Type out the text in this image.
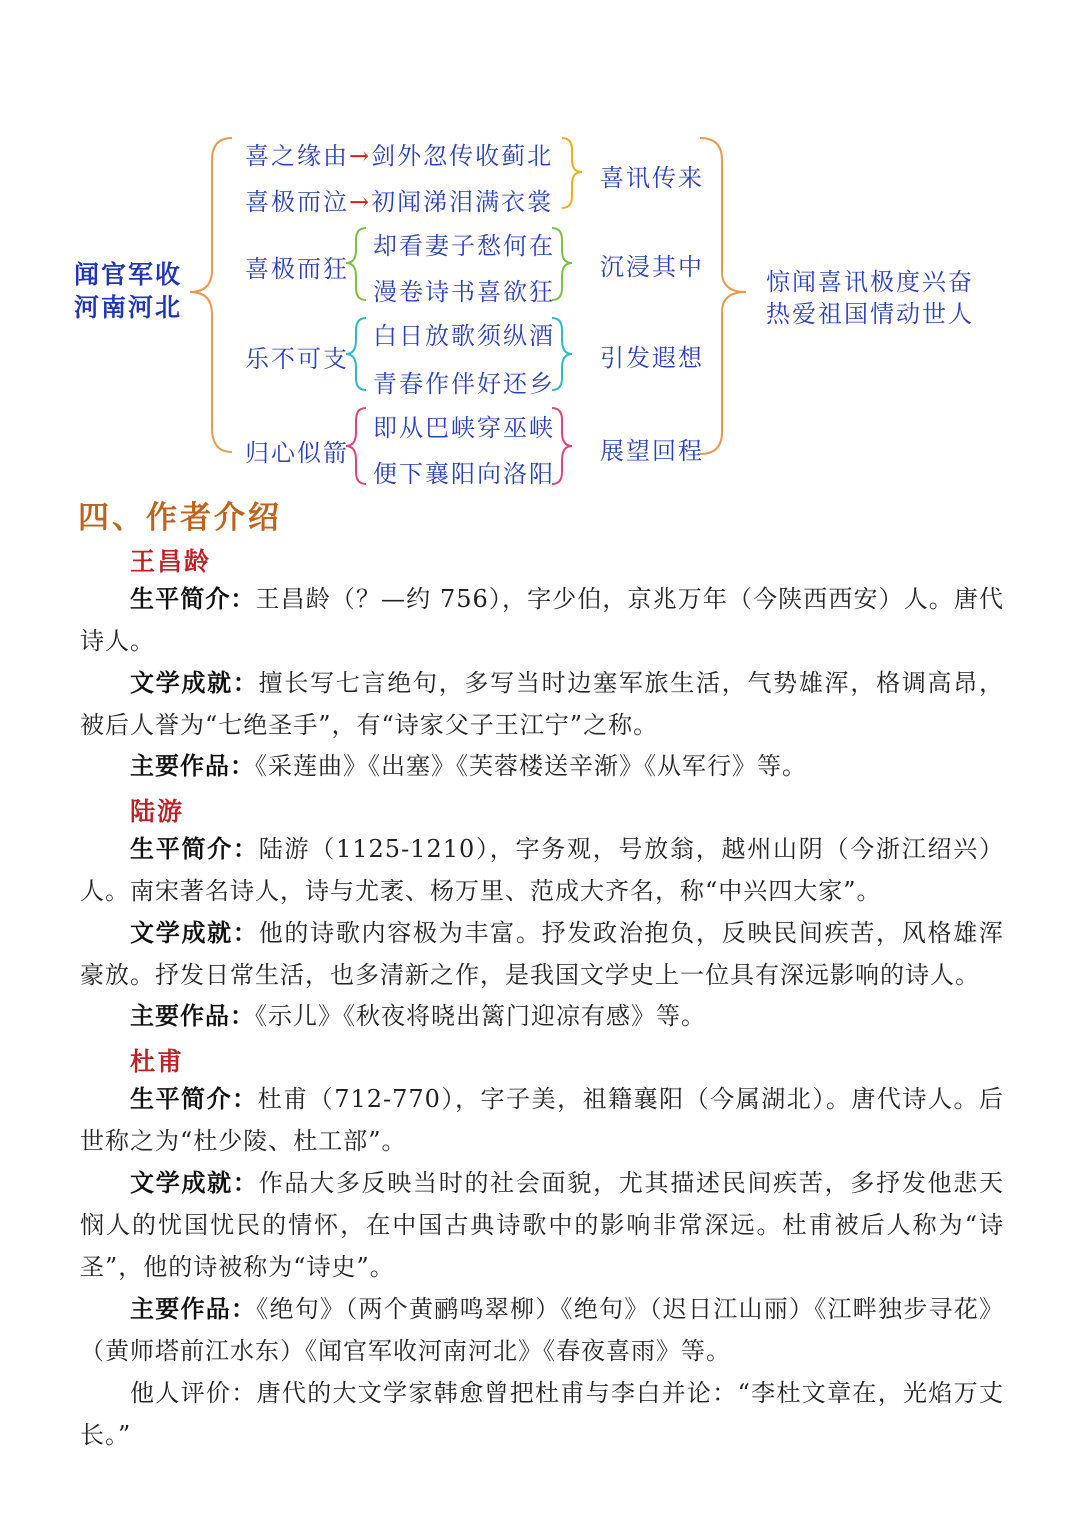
闻官军收
河南河北
喜之缘由→剑外忽传收蓟北
喜极而泣→初闻涕泪满衣裳
喜讯传来
喜极而狂
却看妻子愁何在
漫卷诗书喜欲狂
沉浸其中
乐不可支
白日放歌须纵酒
青春作伴好还乡
引发遐想
归心似箭
即从巴峡穿巫峡
便下襄阳向洛阳
展望回程
惊闻喜讯极度兴奋
热爱祖国情动世人
四、作者介绍
王昌龄

生平简介：王昌龄（？—约 756），字少伯，京兆万年（今陕西西安）人。唐代诗人。

文学成就：擅长写七言绝句，多写当时边塞军旅生活，气势雄浑，格调高昂，被后人誉为“七绝圣手”，有“诗家父子王江宁”之称。

主要作品：《采莲曲》《出塞》《芙蓉楼送辛渐》《从军行》等。

陆游

生平简介：陆游（1125-1210），字务观，号放翁，越州山阴（今浙江绍兴）人。南宋著名诗人，诗与尤袤、杨万里、范成大齐名，称“中兴四大家”。

文学成就：他的诗歌内容极为丰富。抒发政治抱负，反映民间疾苦，风格雄浑豪放。抒发日常生活，也多清新之作，是我国文学史上一位具有深远影响的诗人。

主要作品：《示儿》《秋夜将晓出篱门迎凉有感》等。

杜甫

生平简介：杜甫（712-770），字子美，祖籍襄阳（今属湖北）。唐代诗人。后世称之为“杜少陵、杜工部”。

文学成就：作品大多反映当时的社会面貌，尤其描述民间疾苦，多抒发他悲天悯人的忧国忧民的情怀，在中国古典诗歌中的影响非常深远。杜甫被后人称为“诗圣”，他的诗被称为“诗史”。

主要作品：《绝句》（两个黄鹂鸣翠柳）《绝句》（迟日江山丽）《江畔独步寻花》（黄师塔前江水东）《闻官军收河南河北》《春夜喜雨》等。

他人评价：唐代的大文学家韩愈曾把杜甫与李白并论：“李杜文章在，光焰万丈长。”
